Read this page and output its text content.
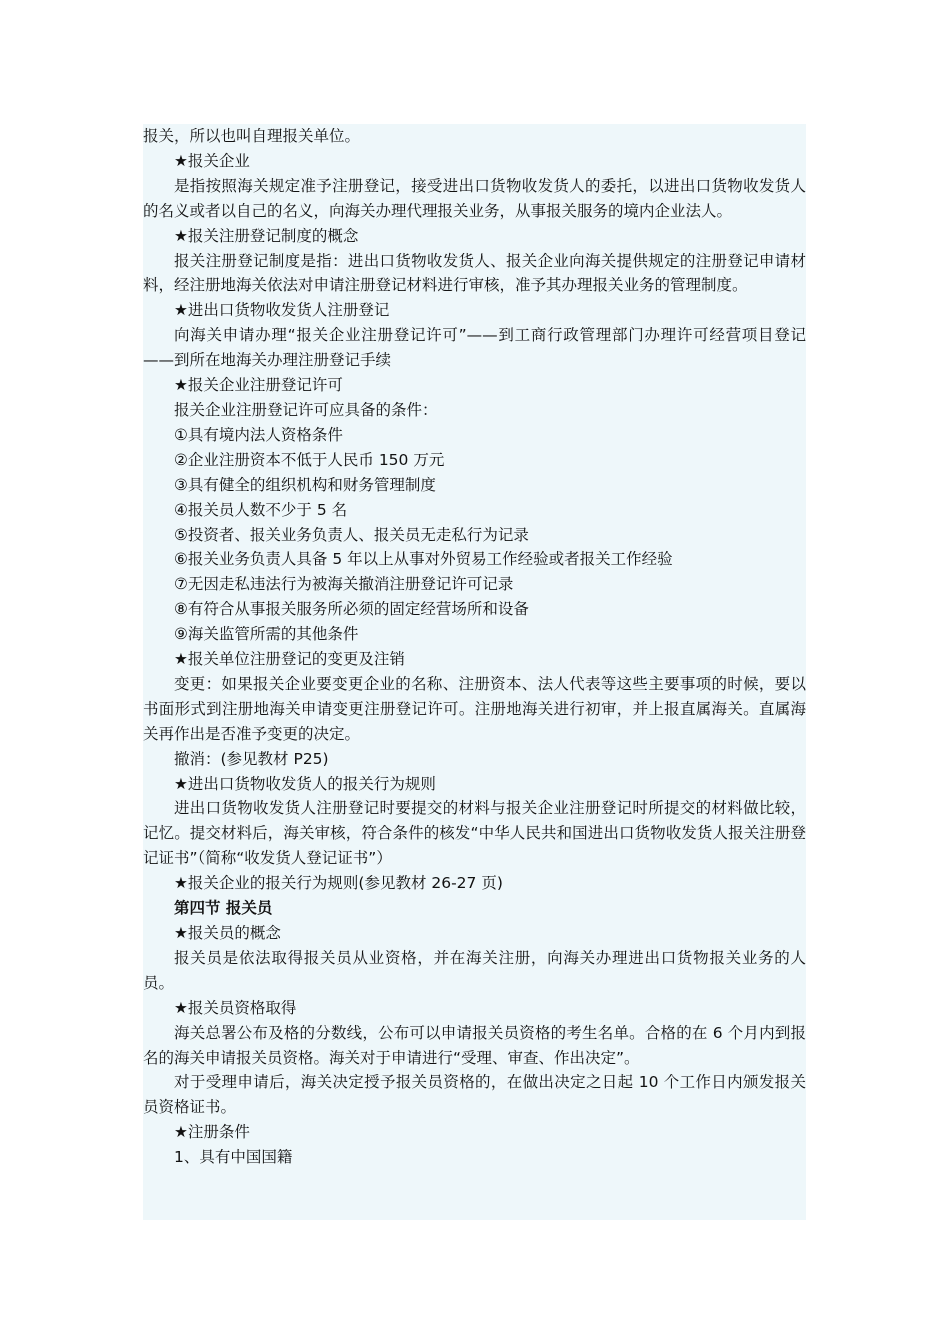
报关，所以也叫自理报关单位。

★报关企业

是指按照海关规定准予注册登记，接受进出口货物收发货人的委托，以进出口货物收发货人的名义或者以自己的名义，向海关办理代理报关业务，从事报关服务的境内企业法人。

★报关注册登记制度的概念

报关注册登记制度是指：进出口货物收发货人、报关企业向海关提供规定的注册登记申请材料，经注册地海关依法对申请注册登记材料进行审核，准予其办理报关业务的管理制度。

★进出口货物收发货人注册登记

向海关申请办理“报关企业注册登记许可”——到工商行政管理部门办理许可经营项目登记——到所在地海关办理注册登记手续

★报关企业注册登记许可

报关企业注册登记许可应具备的条件：

①具有境内法人资格条件

②企业注册资本不低于人民币 150 万元

③具有健全的组织机构和财务管理制度

④报关员人数不少于 5 名

⑤投资者、报关业务负责人、报关员无走私行为记录

⑥报关业务负责人具备 5 年以上从事对外贸易工作经验或者报关工作经验

⑦无因走私违法行为被海关撤消注册登记许可记录

⑧有符合从事报关服务所必须的固定经营场所和设备

⑨海关监管所需的其他条件

★报关单位注册登记的变更及注销

变更：如果报关企业要变更企业的名称、注册资本、法人代表等这些主要事项的时候，要以书面形式到注册地海关申请变更注册登记许可。注册地海关进行初审，并上报直属海关。直属海关再作出是否准予变更的决定。

撤消：(参见教材 P25)

★进出口货物收发货人的报关行为规则

进出口货物收发货人注册登记时要提交的材料与报关企业注册登记时所提交的材料做比较，记忆。提交材料后，海关审核，符合条件的核发“中华人民共和国进出口货物收发货人报关注册登记证书”（简称“收发货人登记证书”）

★报关企业的报关行为规则(参见教材 26-27 页)

第四节 报关员

★报关员的概念

报关员是依法取得报关员从业资格，并在海关注册，向海关办理进出口货物报关业务的人员。

★报关员资格取得

海关总署公布及格的分数线，公布可以申请报关员资格的考生名单。合格的在 6 个月内到报名的海关申请报关员资格。海关对于申请进行“受理、审查、作出决定”。

对于受理申请后，海关决定授予报关员资格的，在做出决定之日起 10 个工作日内颁发报关员资格证书。

★注册条件

1、具有中国国籍
